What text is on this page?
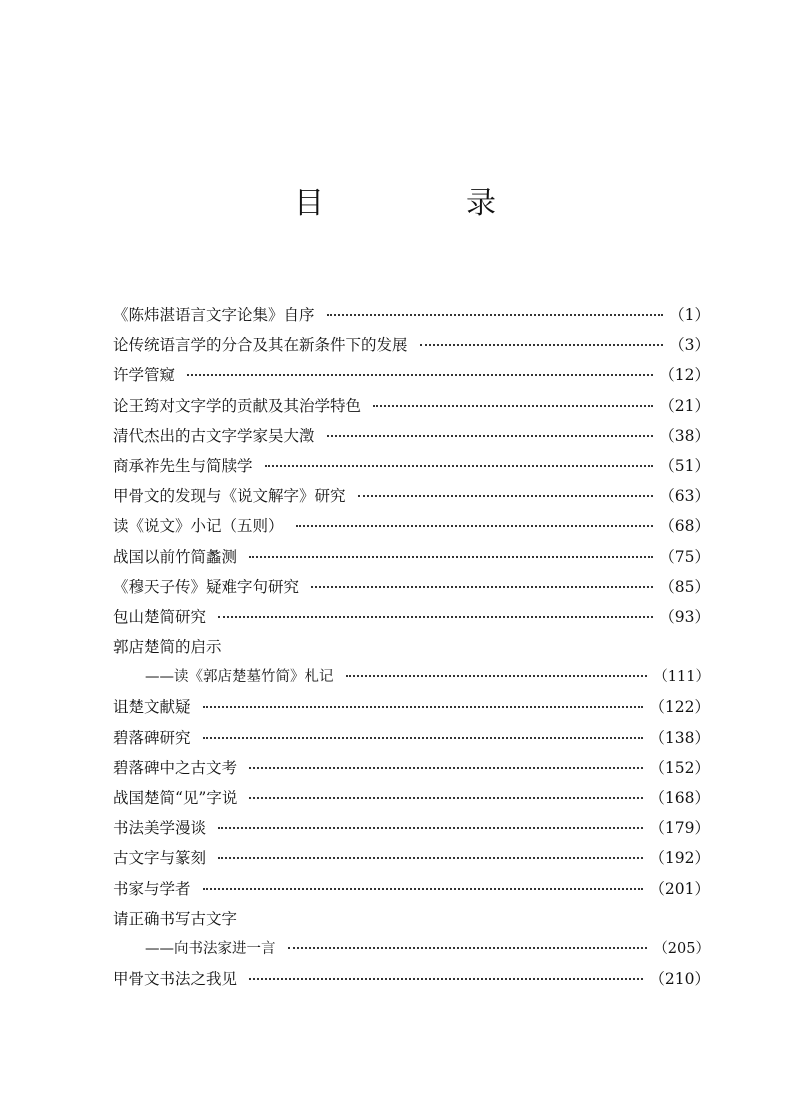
目　录
《陈炜湛语言文字论集》自序	（1）
论传统语言学的分合及其在新条件下的发展	（3）
许学管窥	（12）
论王筠对文字学的贡献及其治学特色	（21）
清代杰出的古文字学家吴大澂	（38）
商承祚先生与简牍学	（51）
甲骨文的发现与《说文解字》研究	（63）
读《说文》小记（五则）	（68）
战国以前竹简蠡测	（75）
《穆天子传》疑难字句研究	（85）
包山楚简研究	（93）
郭店楚简的启示
——读《郭店楚墓竹简》札记	（111）
诅楚文献疑	（122）
碧落碑研究	（138）
碧落碑中之古文考	（152）
战国楚简“见”字说	（168）
书法美学漫谈	（179）
古文字与篆刻	（192）
书家与学者	（201）
请正确书写古文字
——向书法家进一言	（205）
甲骨文书法之我见	（210）
